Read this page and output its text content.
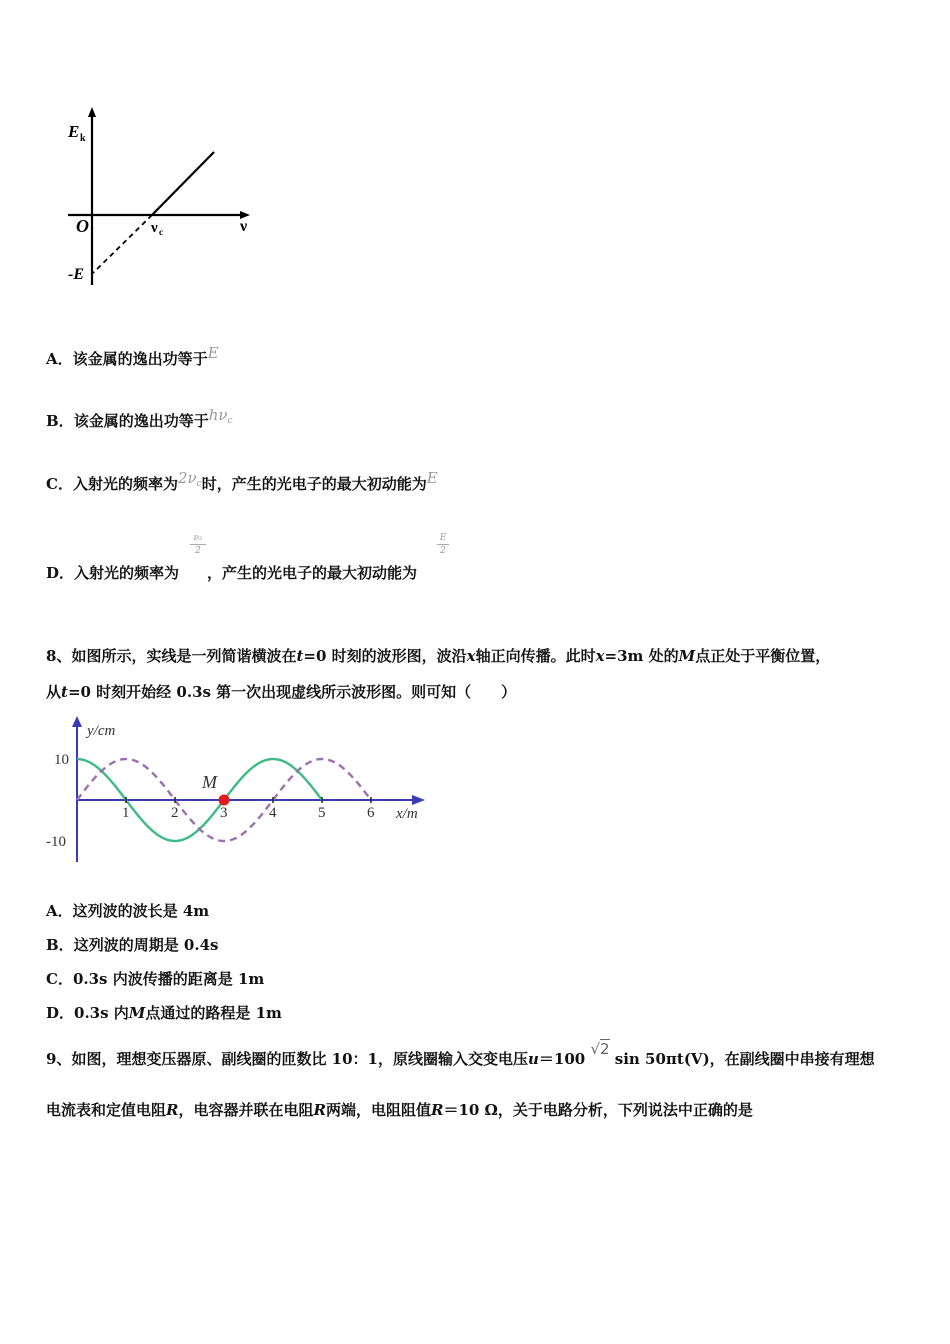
E k
O	ν c	ν
-E
A．该金属的逸出功等于E
B．该金属的逸出功等于$h\nu^c$
C．入射光的频率为$2\nu^c$时，产生的光电子的最大初动能为E
D．入射光的频率为
$\frac{\text{ν₂}}{2}$
，产生的光电子的最大初动能为
$\frac{E}{2}$
8、如图所示，实线是一列简谐横波在t=0 时刻的波形图，波沿x轴正向传播。此时x=3m 处的M点正处于平衡位置，
从t=0 时刻开始经 0.3s 第一次出现虚线所示波形图。则可知（　　）
y/cm
x/m
1	2	3	4	5	6
10
-10
M
A．这列波的波长是 4m
B．这列波的周期是 0.4s
C．0.3s 内波传播的距离是 1m
D．0.3s 内M点通过的路程是 1m
9、如图，理想变压器原、副线圈的匝数比 10：1，原线圈输入交变电压u＝100 √2 sin 50πt(V)，在副线圈中串接有理想
电流表和定值电阻R，电容器并联在电阻R两端，电阻阻值R＝10 Ω，关于电路分析，下列说法中正确的是
